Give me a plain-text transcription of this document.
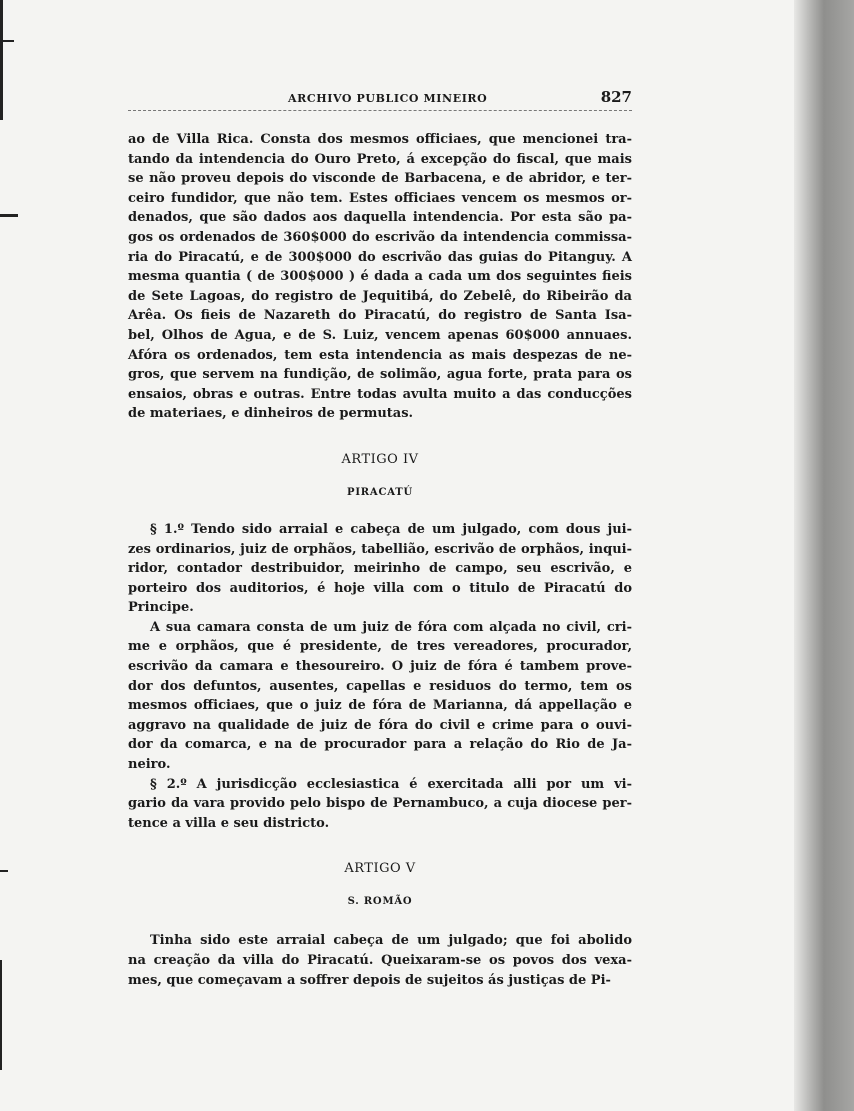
ARCHIVO PUBLICO MINEIRO	827

ao de Villa Rica. Consta dos mesmos officiaes, que mencionei tra-
tando da intendencia do Ouro Preto, á excepção do fiscal, que mais
se não proveu depois do visconde de Barbacena, e de abridor, e ter-
ceiro fundidor, que não tem. Estes officiaes vencem os mesmos or-
denados, que são dados aos daquella intendencia. Por esta são pa-
gos os ordenados de 360$000 do escrivão da intendencia commissa-
ria do Piracatú, e de 300$000 do escrivão das guias do Pitanguy. A
mesma quantia ( de 300$000 ) é dada a cada um dos seguintes fieis
de Sete Lagoas, do registro de Jequitibá, do Zebelê, do Ribeirão da
Arêa. Os fieis de Nazareth do Piracatú, do registro de Santa Isa-
bel, Olhos de Agua, e de S. Luiz, vencem apenas 60$000 annuaes.
Afóra os ordenados, tem esta intendencia as mais despezas de ne-
gros, que servem na fundição, de solimão, agua forte, prata para os
ensaios, obras e outras. Entre todas avulta muito a das conducções
de materiaes, e dinheiros de permutas.

ARTIGO IV
PIRACATÚ

§ 1.º Tendo sido arraial e cabeça de um julgado, com dous jui-
zes ordinarios, juiz de orphãos, tabellião, escrivão de orphãos, inqui-
ridor, contador destribuidor, meirinho de campo, seu escrivão, e
porteiro dos auditorios, é hoje villa com o titulo de Piracatú do
Principe.

A sua camara consta de um juiz de fóra com alçada no civil, cri-
me e orphãos, que é presidente, de tres vereadores, procurador,
escrivão da camara e thesoureiro. O juiz de fóra é tambem prove-
dor dos defuntos, ausentes, capellas e residuos do termo, tem os
mesmos officiaes, que o juiz de fóra de Marianna, dá appellação e
aggravo na qualidade de juiz de fóra do civil e crime para o ouvi-
dor da comarca, e na de procurador para a relação do Rio de Ja-
neiro.

§ 2.º A jurisdicção ecclesiastica é exercitada alli por um vi-
gario da vara provido pelo bispo de Pernambuco, a cuja diocese per-
tence a villa e seu districto.

ARTIGO V
S. ROMÃO

Tinha sido este arraial cabeça de um julgado; que foi abolido
na creação da villa do Piracatú. Queixaram-se os povos dos vexa-
mes, que começavam a soffrer depois de sujeitos ás justiças de Pi-
